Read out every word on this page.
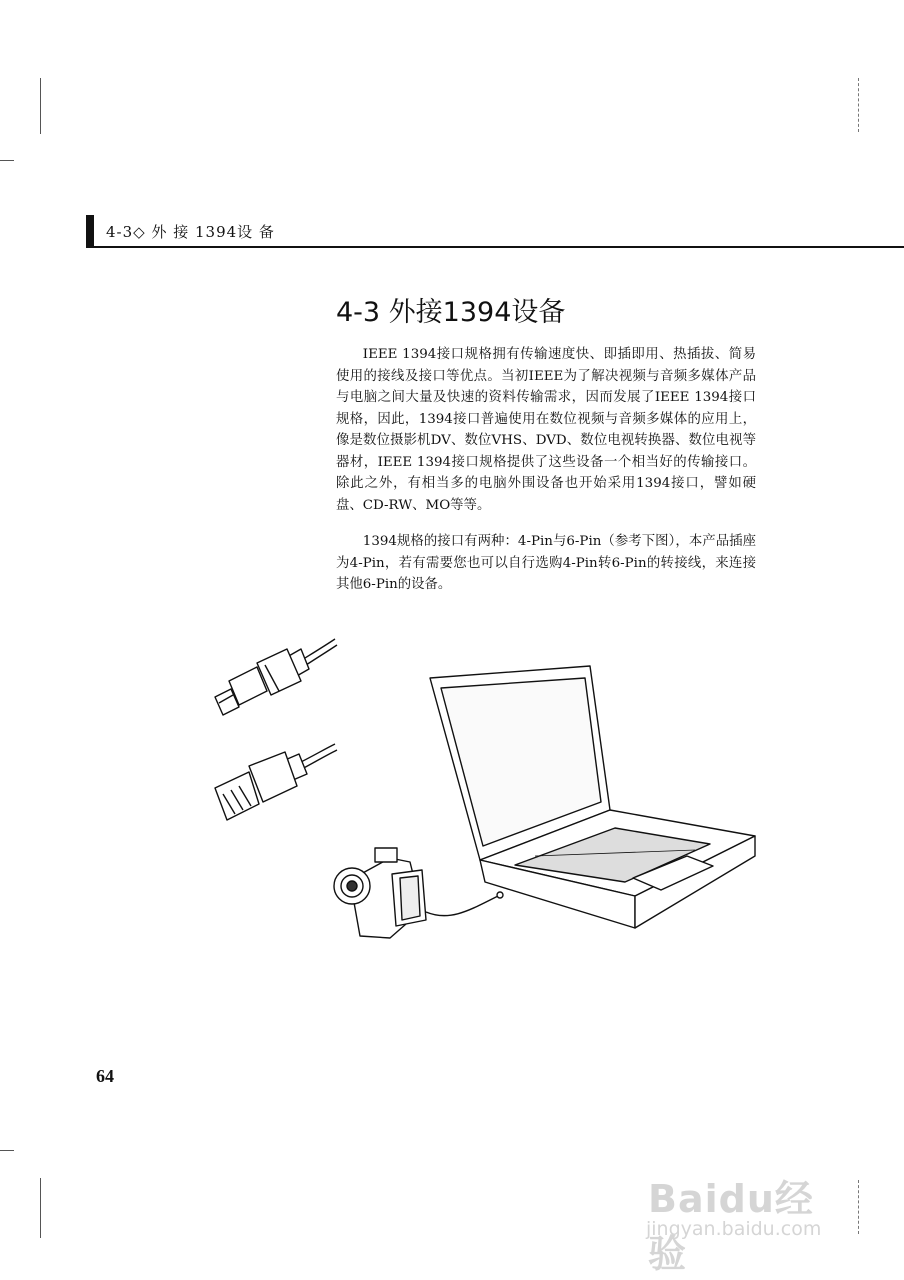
4-3◇ 外 接 1394设 备
4-3 外接1394设备

IEEE 1394接口规格拥有传输速度快、即插即用、热插拔、简易使用的接线及接口等优点。当初IEEE为了解决视频与音频多媒体产品与电脑之间大量及快速的资料传输需求，因而发展了IEEE 1394接口规格，因此，1394接口普遍使用在数位视频与音频多媒体的应用上，像是数位摄影机DV、数位VHS、DVD、数位电视转换器、数位电视等器材，IEEE 1394接口规格提供了这些设备一个相当好的传输接口。除此之外，有相当多的电脑外围设备也开始采用1394接口，譬如硬盘、CD-RW、MO等等。

1394规格的接口有两种：4-Pin与6-Pin（参考下图），本产品插座为4-Pin，若有需要您也可以自行选购4-Pin转6-Pin的转接线，来连接其他6-Pin的设备。

64
Baidu经验
jingyan.baidu.com
